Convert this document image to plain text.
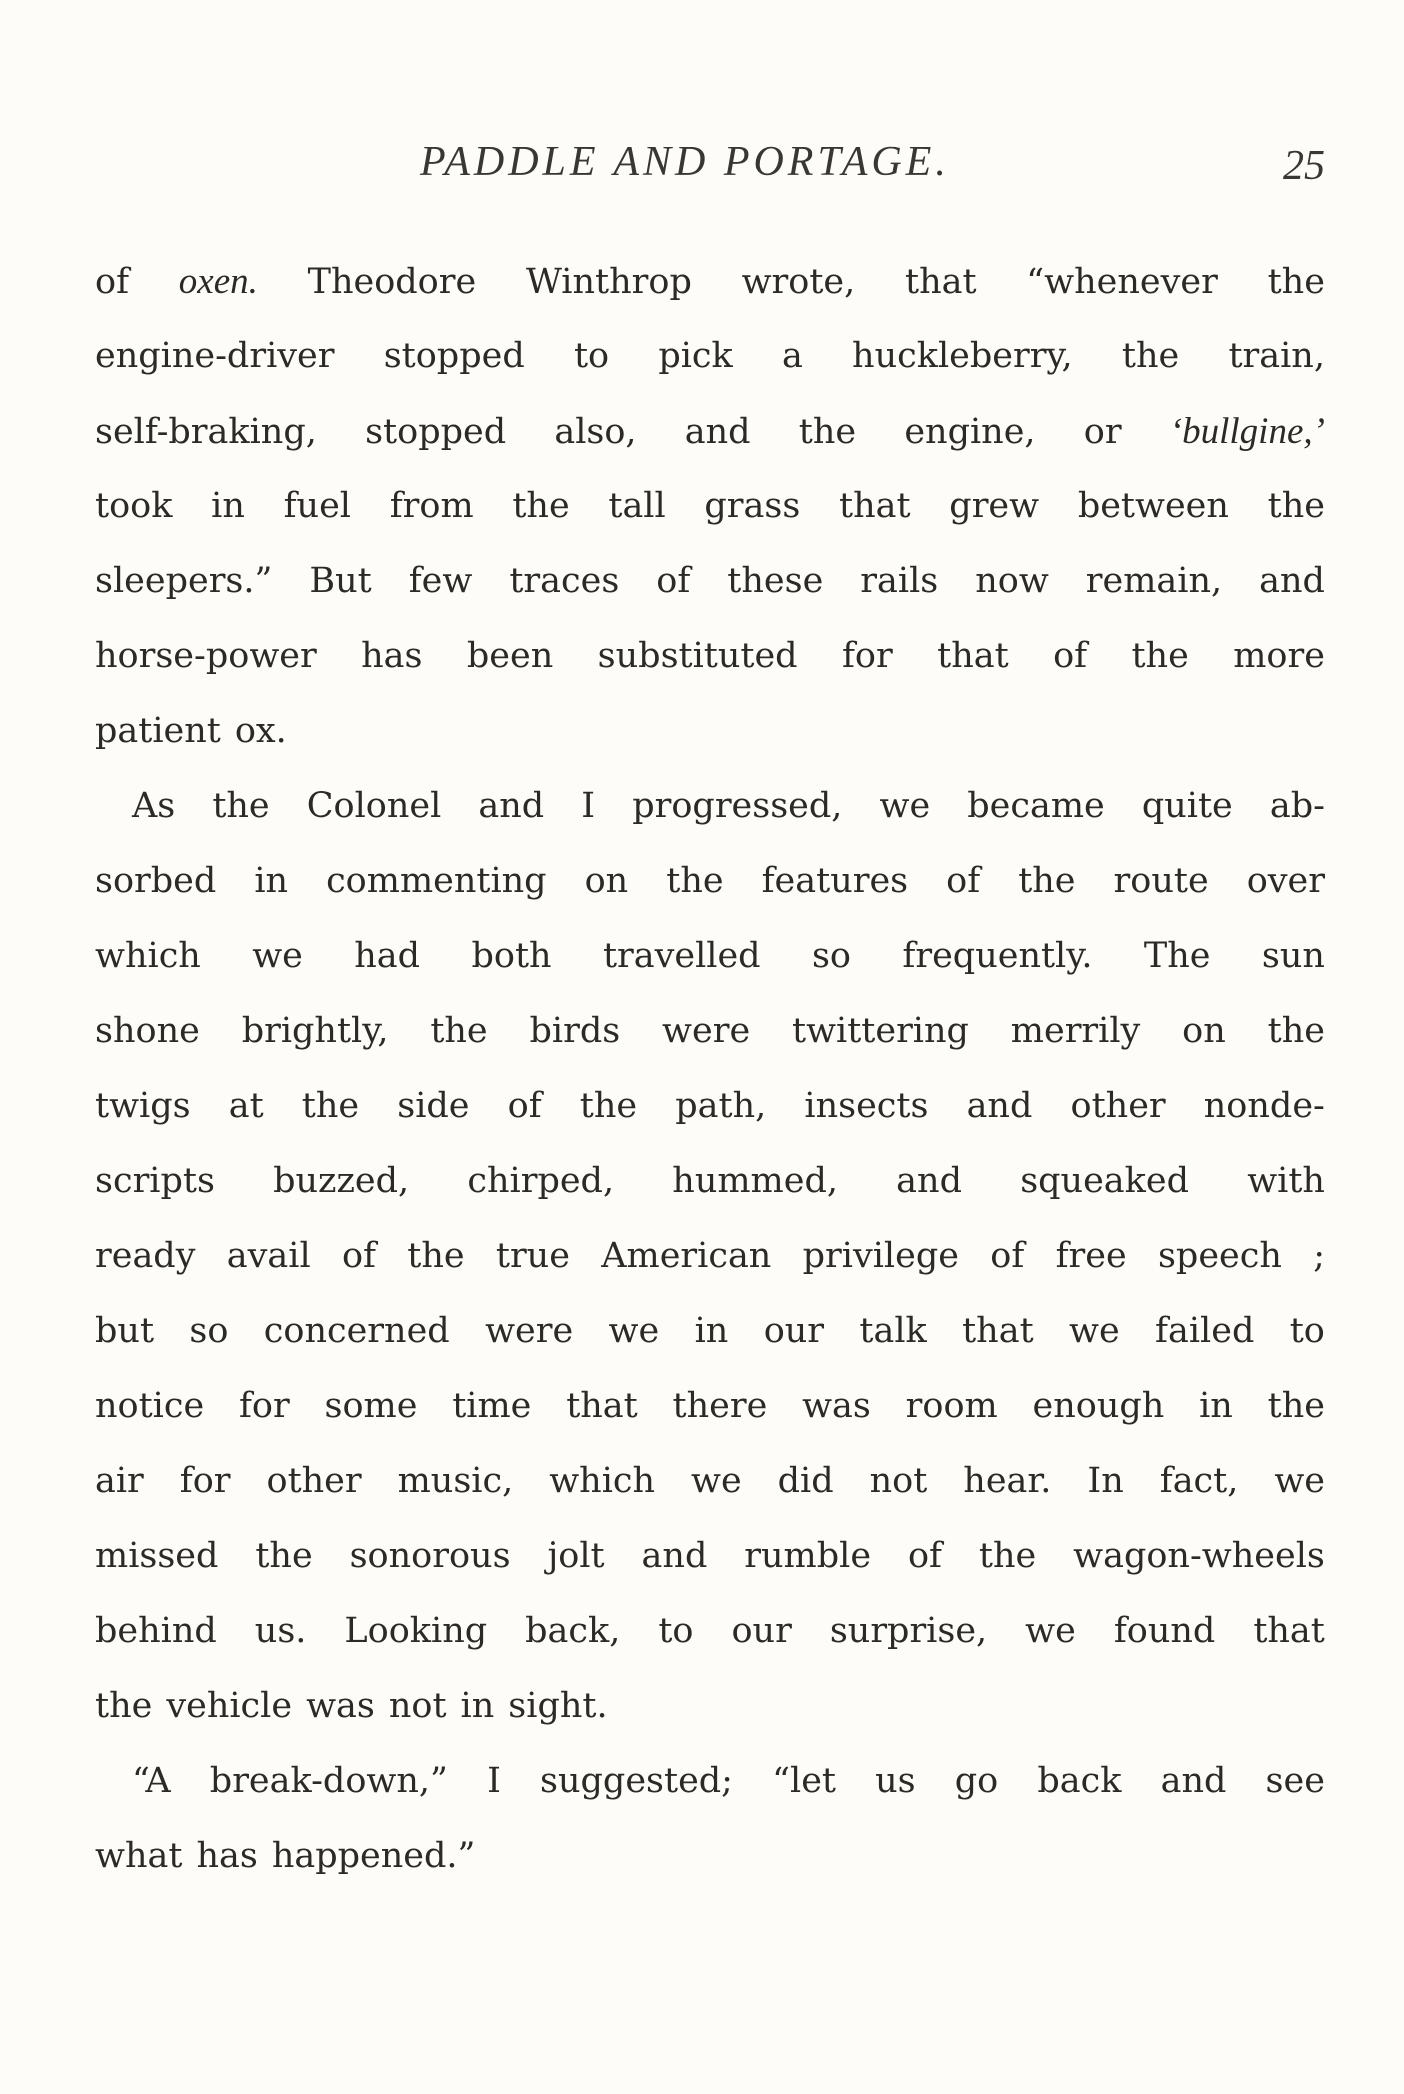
PADDLE AND PORTAGE.	25
of oxen. Theodore Winthrop wrote, that “whenever the
engine-driver stopped to pick a huckleberry, the train,
self-braking, stopped also, and the engine, or ‘bullgine,’
took in fuel from the tall grass that grew between the
sleepers.” But few traces of these rails now remain, and
horse-power has been substituted for that of the more
patient ox.
As the Colonel and I progressed, we became quite ab-
sorbed in commenting on the features of the route over
which we had both travelled so frequently. The sun
shone brightly, the birds were twittering merrily on the
twigs at the side of the path, insects and other nonde-
scripts buzzed, chirped, hummed, and squeaked with
ready avail of the true American privilege of free speech ;
but so concerned were we in our talk that we failed to
notice for some time that there was room enough in the
air for other music, which we did not hear. In fact, we
missed the sonorous jolt and rumble of the wagon-wheels
behind us. Looking back, to our surprise, we found that
the vehicle was not in sight.
“A break-down,” I suggested; “let us go back and see
what has happened.”
